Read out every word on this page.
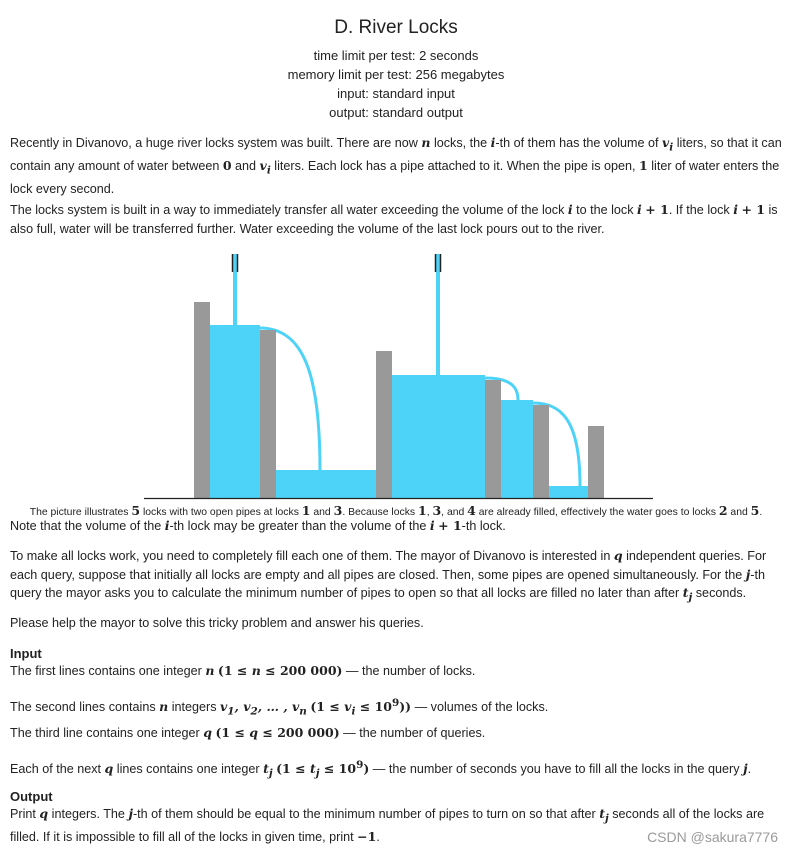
D. River Locks
time limit per test: 2 seconds
memory limit per test: 256 megabytes
input: standard input
output: standard output
Recently in Divanovo, a huge river locks system was built. There are now n locks, the i-th of them has the volume of $v_i$ liters, so that it can contain any amount of water between 0 and $v_i$ liters. Each lock has a pipe attached to it. When the pipe is open, 1 liter of water enters the lock every second.
The locks system is built in a way to immediately transfer all water exceeding the volume of the lock i to the lock i + 1. If the lock i + 1 is also full, water will be transferred further. Water exceeding the volume of the last lock pours out to the river.
The picture illustrates 5 locks with two open pipes at locks 1 and 3. Because locks 1, 3, and 4 are already filled, effectively the water goes to locks 2 and 5.
Note that the volume of the i-th lock may be greater than the volume of the i + 1-th lock.
To make all locks work, you need to completely fill each one of them. The mayor of Divanovo is interested in q independent queries. For each query, suppose that initially all locks are empty and all pipes are closed. Then, some pipes are opened simultaneously. For the j-th query the mayor asks you to calculate the minimum number of pipes to open so that all locks are filled no later than after $t_j$ seconds.
Please help the mayor to solve this tricky problem and answer his queries.
Input
The first lines contains one integer n (1 ≤ n ≤ 200 000) — the number of locks.
The second lines contains n integers $v_1$, $v_2$, … , $v_n$ $(1 \le v_i \le 10^9)$) — volumes of the locks.
The third line contains one integer q (1 ≤ q ≤ 200 000) — the number of queries.
Each of the next q lines contains one integer $t_j$ $(1 \le t_j \le 10^9)$ — the number of seconds you have to fill all the locks in the query j.
Output
Print q integers. The j-th of them should be equal to the minimum number of pipes to turn on so that after $t_j$ seconds all of the locks are filled. If it is impossible to fill all of the locks in given time, print −1.	CSDN @sakura7776
